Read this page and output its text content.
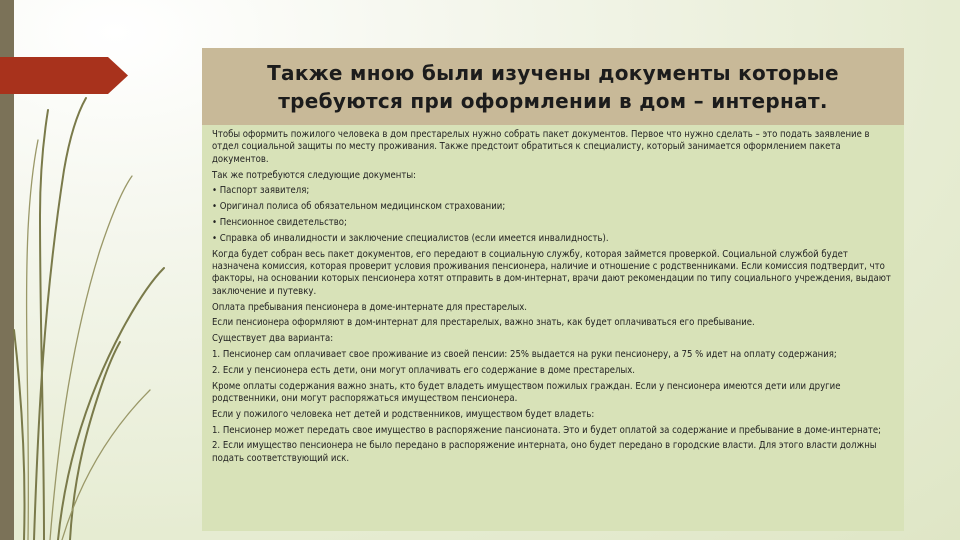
Также мною были изучены документы которые
требуются при оформлении в дом – интернат.

Чтобы оформить пожилого человека в дом престарелых нужно собрать пакет документов. Первое что нужно сделать – это подать заявление в отдел социальной защиты по месту проживания. Также предстоит обратиться к специалисту, который занимается оформлением пакета документов.

Так же потребуются следующие документы:

• Паспорт заявителя;

• Оригинал полиса об обязательном медицинском страховании;

• Пенсионное свидетельство;

• Справка об инвалидности и заключение специалистов (если имеется инвалидность).

Когда будет собран весь пакет документов, его передают в социальную службу, которая займется проверкой. Социальной службой будет назначена комиссия, которая проверит условия проживания пенсионера, наличие и отношение с родственниками. Если комиссия подтвердит, что факторы, на основании которых пенсионера хотят отправить в дом-интернат, врачи дают рекомендации по типу социального учреждения, выдают заключение и путевку.

Оплата пребывания пенсионера в доме-интернате для престарелых.

Если пенсионера оформляют в дом-интернат для престарелых, важно знать, как будет оплачиваться его пребывание.

Существует два варианта:

1. Пенсионер сам оплачивает свое проживание из своей пенсии: 25% выдается на руки пенсионеру, а 75 % идет на оплату содержания;

2. Если у пенсионера есть дети, они могут оплачивать его содержание в доме престарелых.

Кроме оплаты содержания важно знать, кто будет владеть имуществом пожилых граждан. Если у пенсионера имеются дети или другие родственники, они могут распоряжаться имуществом пенсионера.

Если у пожилого человека нет детей и родственников, имуществом будет владеть:

1. Пенсионер может передать свое имущество в распоряжение пансионата. Это и будет оплатой за содержание и пребывание в доме-интернате;

2. Если имущество пенсионера не было передано в распоряжение интерната, оно будет передано в городские власти. Для этого власти должны подать соответствующий иск.
